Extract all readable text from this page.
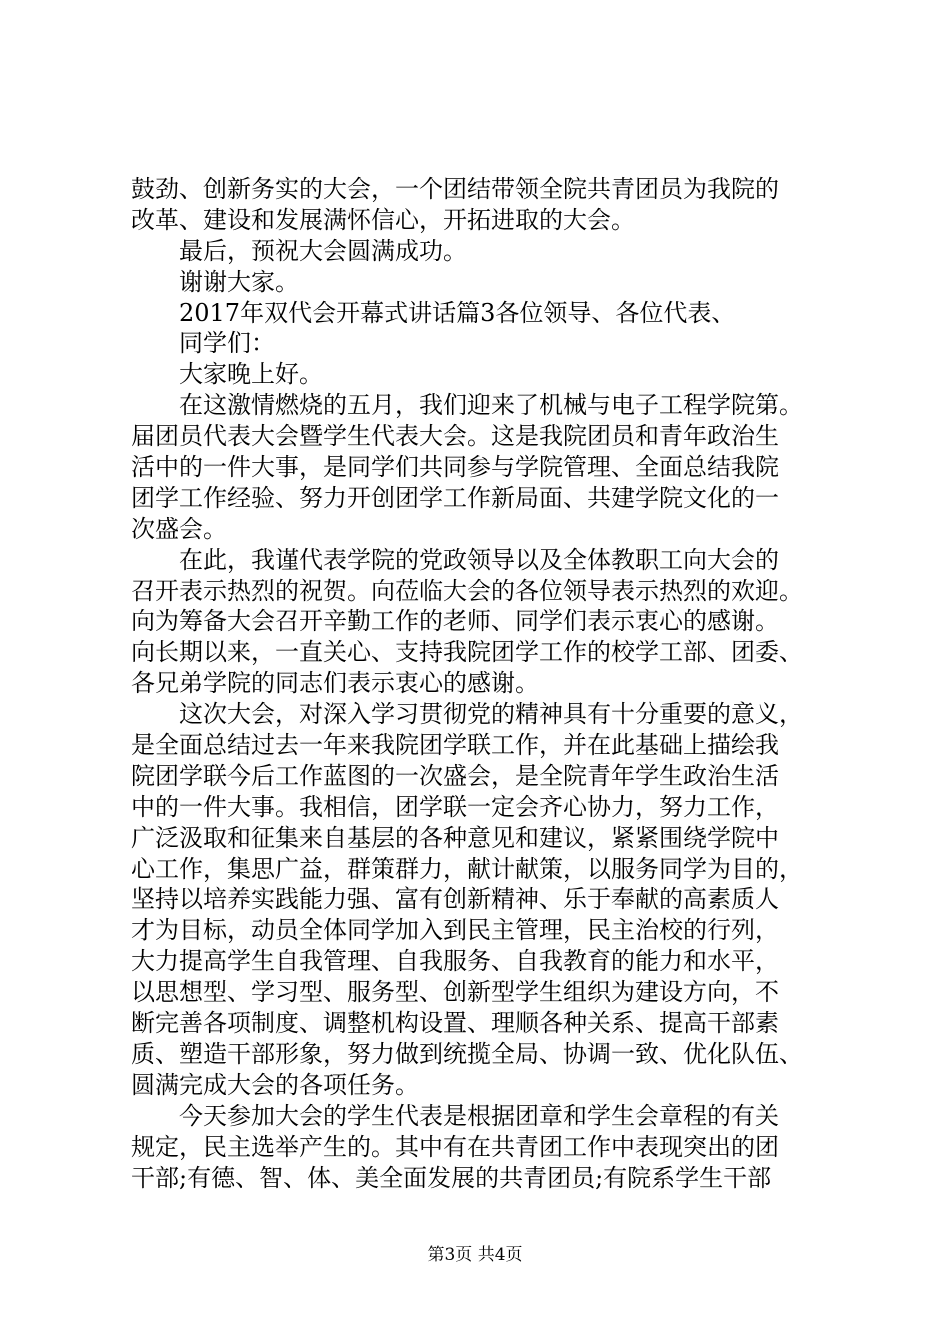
鼓劲、创新务实的大会，一个团结带领全院共青团员为我院的
改革、建设和发展满怀信心，开拓进取的大会。
最后，预祝大会圆满成功。
谢谢大家。
2017年双代会开幕式讲话篇3各位领导、各位代表、
同学们：
大家晚上好。
在这激情燃烧的五月，我们迎来了机械与电子工程学院第。
届团员代表大会暨学生代表大会。这是我院团员和青年政治生
活中的一件大事，是同学们共同参与学院管理、全面总结我院
团学工作经验、努力开创团学工作新局面、共建学院文化的一
次盛会。
在此，我谨代表学院的党政领导以及全体教职工向大会的
召开表示热烈的祝贺。向莅临大会的各位领导表示热烈的欢迎。
向为筹备大会召开辛勤工作的老师、同学们表示衷心的感谢。
向长期以来，一直关心、支持我院团学工作的校学工部、团委、
各兄弟学院的同志们表示衷心的感谢。
这次大会，对深入学习贯彻党的精神具有十分重要的意义，
是全面总结过去一年来我院团学联工作，并在此基础上描绘我
院团学联今后工作蓝图的一次盛会，是全院青年学生政治生活
中的一件大事。我相信，团学联一定会齐心协力，努力工作，
广泛汲取和征集来自基层的各种意见和建议，紧紧围绕学院中
心工作，集思广益，群策群力，献计献策，以服务同学为目的，
坚持以培养实践能力强、富有创新精神、乐于奉献的高素质人
才为目标，动员全体同学加入到民主管理，民主治校的行列，
大力提高学生自我管理、自我服务、自我教育的能力和水平，
以思想型、学习型、服务型、创新型学生组织为建设方向，不
断完善各项制度、调整机构设置、理顺各种关系、提高干部素
质、塑造干部形象，努力做到统揽全局、协调一致、优化队伍、
圆满完成大会的各项任务。
今天参加大会的学生代表是根据团章和学生会章程的有关
规定，民主选举产生的。其中有在共青团工作中表现突出的团
干部;有德、智、体、美全面发展的共青团员;有院系学生干部
第3页 共4页
